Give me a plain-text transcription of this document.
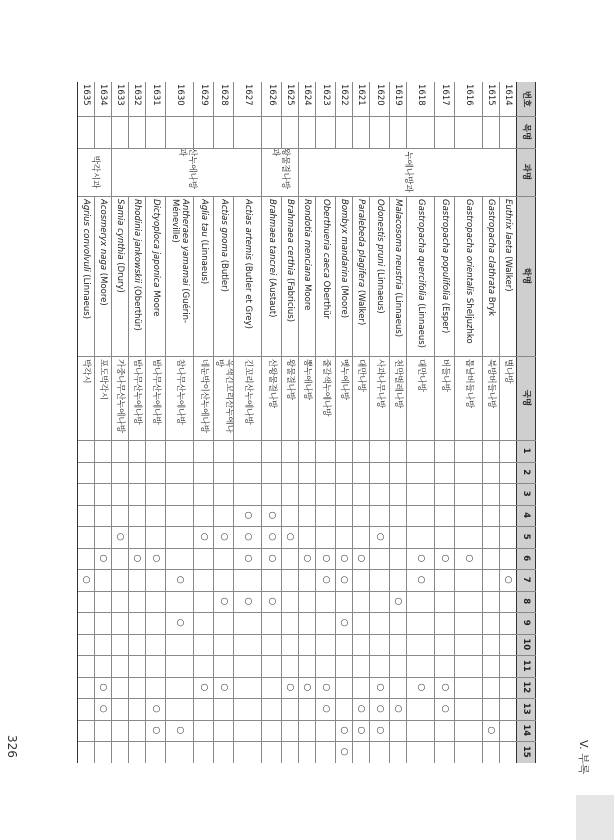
V. 부록
326
번호
목명
과명
학명
국명
1
2
3
4
5
6
7
8
9
10
11
12
13
14
15
누에나방과
왕물결나방과
산누에나방과
박각시과
1614
Euthrix laeta (Walker)
별나방
○
1615
Gastropacha clathrata Bryk
북방버들나방
○
1616
Gastropacha orientalis Sheljuzhko
톱날버들나방
○
1617
Gastropacha populifolia (Esper)
버들나방
○
○
○
1618
Gastropacha quercifolia (Linnaeus)
대만나방
○
○
○
1619
Malacosoma neustria (Linnaeus)
천막벌레나방
○
○
1620
Odonestis pruni (Linnaeus)
사과나무나방
○
○
○
○
1621
Paralebeda plagifera (Walker)
대만나방
○
○
○
1622
Bombyx mandarina (Moore)
멧누에나방
○
○
○
○
○
1623
Oberthueria caeca Oberthür
줄갈색누에나방
○
○
○
○
1624
Rondotia menciana Moore
뽕누에나방
○
○
1625
Brahmaea certhia (Fabricius)
왕물결나방
○
○
1626
Brahmaea tancrei (Austaut)
산왕물결나방
○
○
○
○
1627
Actias artemis (Butler et Grey)
긴꼬리산누에나방
○
○
○
○
1628
Actias gnoma (Butler)
옥색긴꼬리산누에나방
○
○
○
1629
Aglia tau (Linnaeus)
네눈박이산누에나방
○
○
1630
Antheraea yamamai (Guérin-Méneville)
참나무산누에나방
○
○
○
1631
Dictyoploca japonica Moore
밤나무산누에나방
○
○
○
1632
Rhodinia jankowskii (Oberthür)
밤나무산누에나방
○
1633
Samia cynthia (Drury)
가중나무산누에나방
○
1634
Acosmeryx naga (Moore)
포도박각시
○
○
○
1635
Agrius convolvuli (Linnaeus)
박각시
○
